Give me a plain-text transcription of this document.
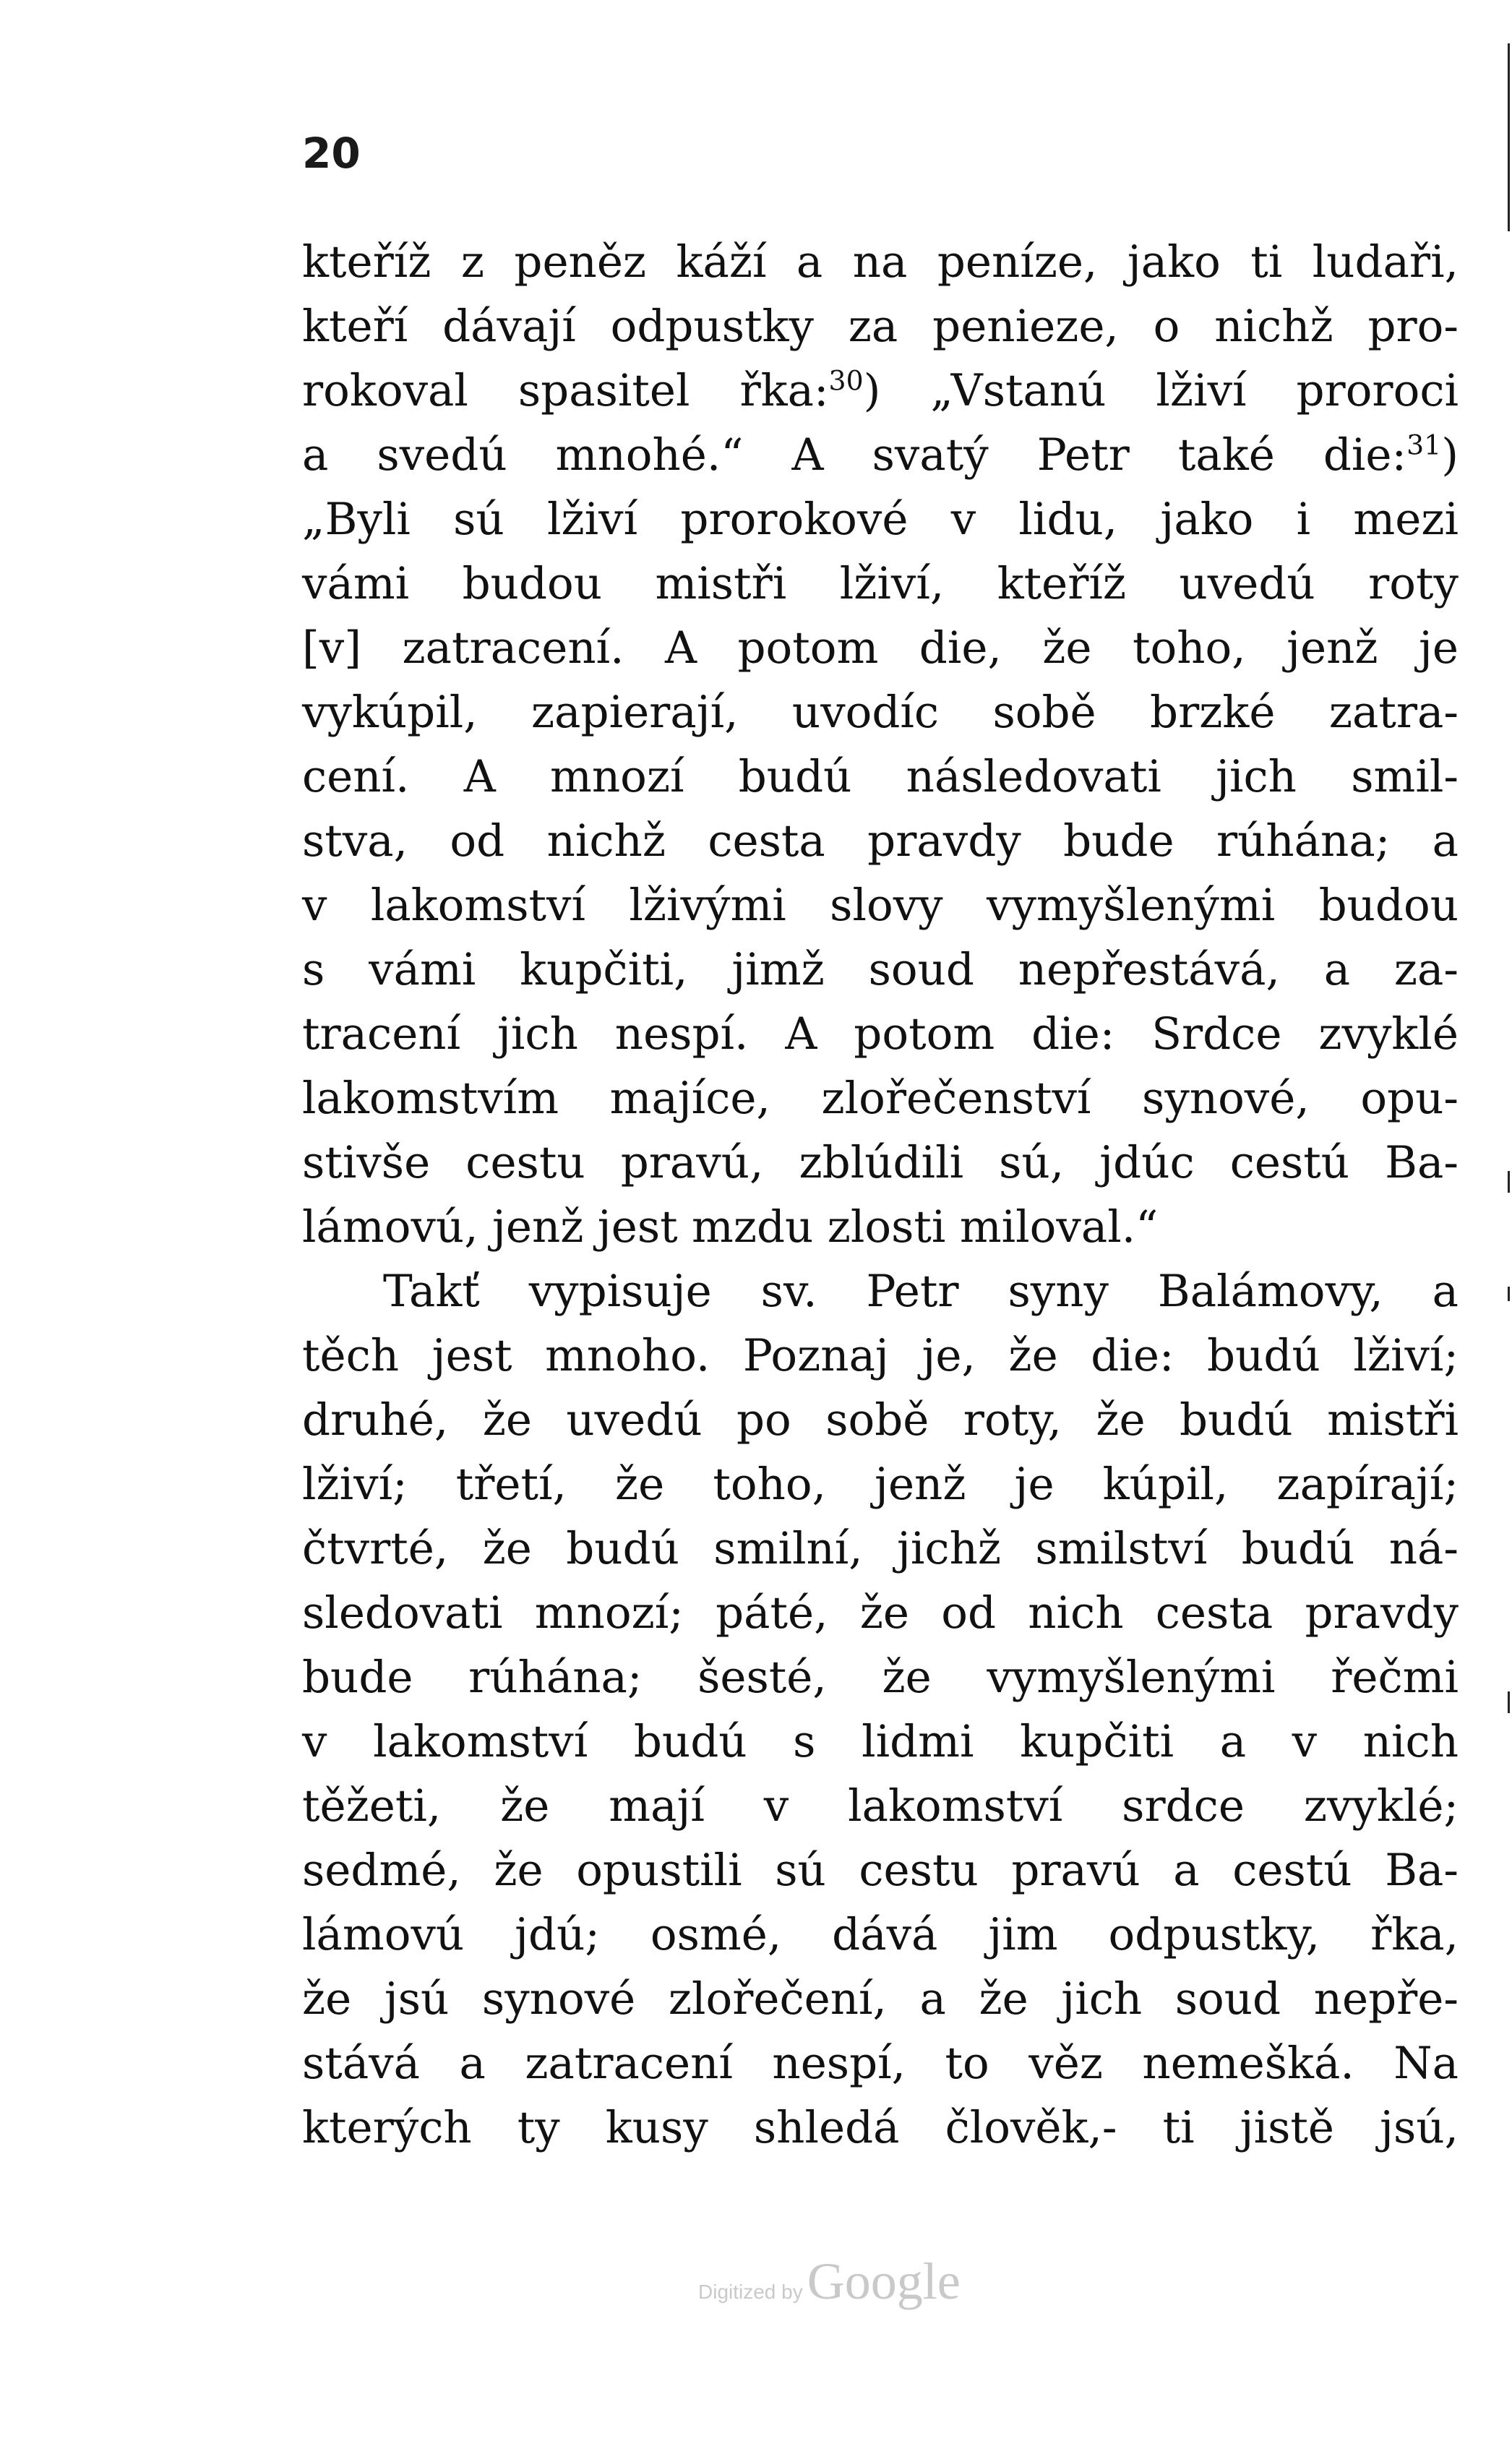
20
kteříž z peněz káží a na peníze, jako ti ludaři,
kteří dávají odpustky za penieze, o nichž pro-
rokoval spasitel řka:$^{30}$) „Vstanú lživí proroci
a svedú mnohé.“ A svatý Petr také die:$^{31}$)
„Byli sú lživí prorokové v lidu, jako i mezi
vámi budou mistři lživí, kteříž uvedú roty
[v] zatracení. A potom die, že toho, jenž je
vykúpil, zapierají, uvodíc sobě brzké zatra-
cení. A mnozí budú následovati jich smil-
stva, od nichž cesta pravdy bude rúhána; a
v lakomství lživými slovy vymyšlenými budou
s vámi kupčiti, jimž soud nepřestává, a za-
tracení jich nespí. A potom die: Srdce zvyklé
lakomstvím majíce, zlořečenství synové, opu-
stivše cestu pravú, zblúdili sú, jdúc cestú Ba-
lámovú, jenž jest mzdu zlosti miloval.“
Takť vypisuje sv. Petr syny Balámovy, a
těch jest mnoho. Poznaj je, že die: budú lživí;
druhé, že uvedú po sobě roty, že budú mistři
lživí; třetí, že toho, jenž je kúpil, zapírají;
čtvrté, že budú smilní, jichž smilství budú ná-
sledovati mnozí; páté, že od nich cesta pravdy
bude rúhána; šesté, že vymyšlenými řečmi
v lakomství budú s lidmi kupčiti a v nich
těžeti, že mají v lakomství srdce zvyklé;
sedmé, že opustili sú cestu pravú a cestú Ba-
lámovú jdú; osmé, dává jim odpustky, řka,
že jsú synové zlořečení, a že jich soud nepře-
stává a zatracení nespí, to věz nemešká. Na
kterých ty kusy shledá člověk,- ti jistě jsú,
Digitized byGoogle
